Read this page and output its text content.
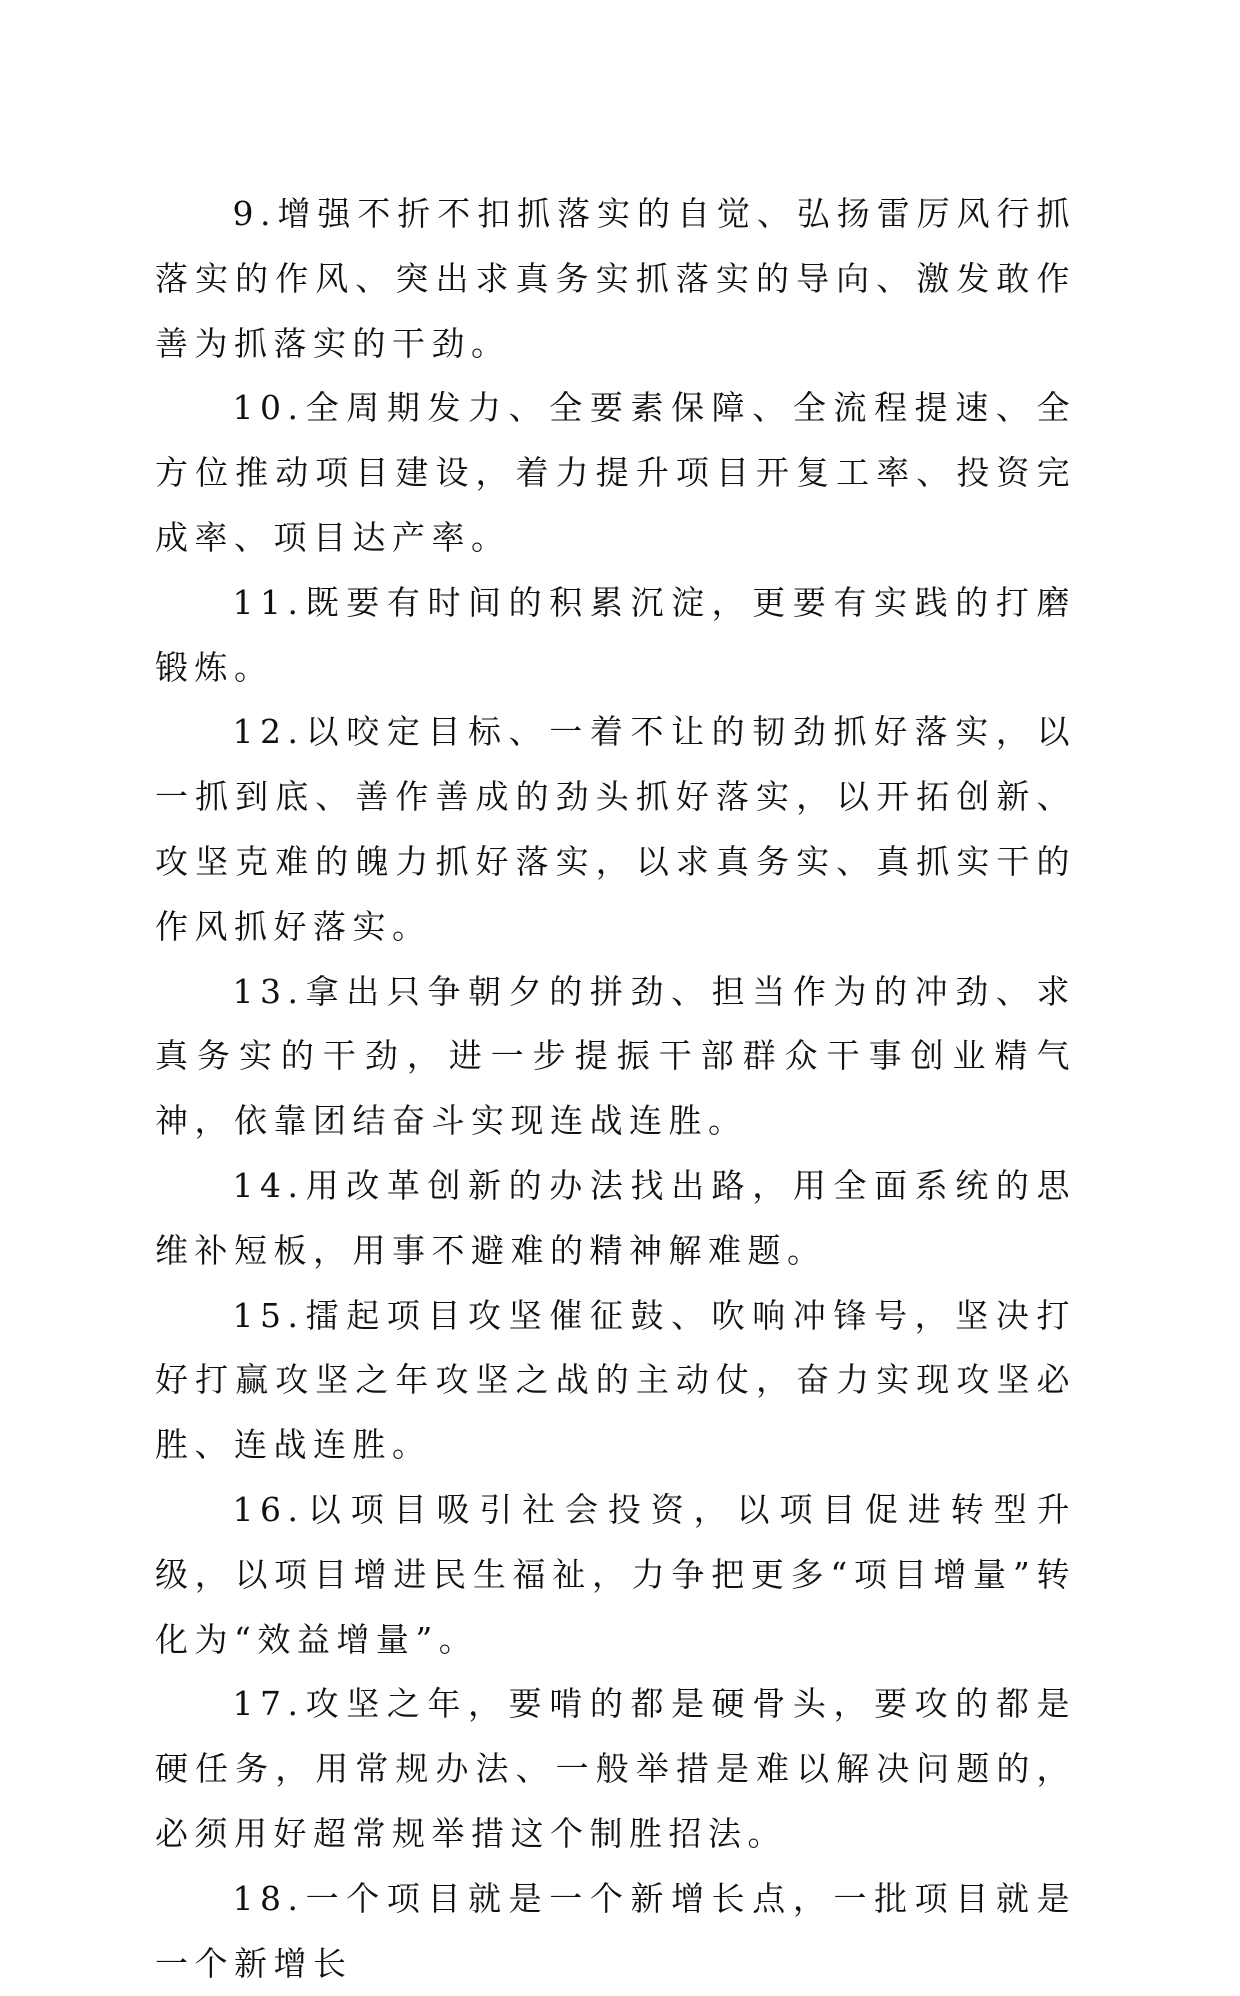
9.增强不折不扣抓落实的自觉、弘扬雷厉风行抓落实的作风、突出求真务实抓落实的导向、激发敢作善为抓落实的干劲。

10.全周期发力、全要素保障、全流程提速、全方位推动项目建设，着力提升项目开复工率、投资完成率、项目达产率。

11.既要有时间的积累沉淀，更要有实践的打磨锻炼。

12.以咬定目标、一着不让的韧劲抓好落实，以一抓到底、善作善成的劲头抓好落实，以开拓创新、攻坚克难的魄力抓好落实，以求真务实、真抓实干的作风抓好落实。

13.拿出只争朝夕的拼劲、担当作为的冲劲、求真务实的干劲，进一步提振干部群众干事创业精气神，依靠团结奋斗实现连战连胜。

14.用改革创新的办法找出路，用全面系统的思维补短板，用事不避难的精神解难题。

15.擂起项目攻坚催征鼓、吹响冲锋号，坚决打好打赢攻坚之年攻坚之战的主动仗，奋力实现攻坚必胜、连战连胜。

16.以项目吸引社会投资，以项目促进转型升级，以项目增进民生福祉，力争把更多“项目增量”转化为“效益增量”。

17.攻坚之年，要啃的都是硬骨头，要攻的都是硬任务，用常规办法、一般举措是难以解决问题的，必须用好超常规举措这个制胜招法。

18.一个项目就是一个新增长点，一批项目就是一个新增长
